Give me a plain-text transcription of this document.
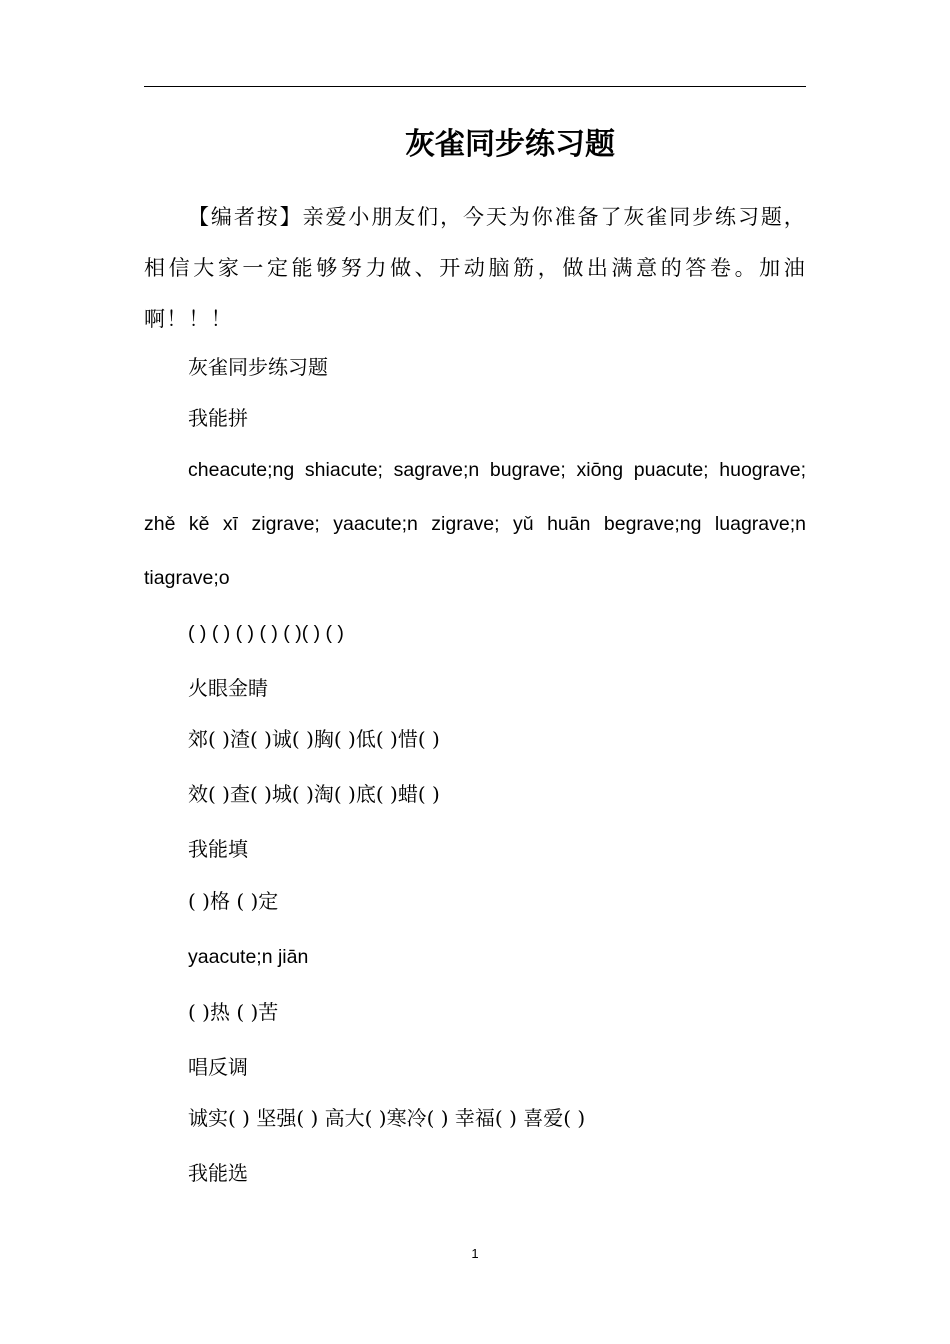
灰雀同步练习题
【编者按】亲爱小朋友们，今天为你准备了灰雀同步练习题，相信大家一定能够努力做、开动脑筋，做出满意的答卷。加油啊！！！
灰雀同步练习题
我能拼
cheacute;ng shiacute; sagrave;n bugrave; xiōng puacute; huograve;
zhě kě xī zigrave; yaacute;n zigrave; yǔ huān begrave;ng luagrave;n
tiagrave;o
( ) ( ) ( ) ( ) ( )( ) ( )
火眼金睛
郊( )渣( )诚( )胸( )低( )惜( )
效( )查( )城( )淘( )底( )蜡( )
我能填
( )格 ( )定
yaacute;n jiān
( )热 ( )苦
唱反调
诚实( ) 坚强( ) 高大( )寒冷( ) 幸福( ) 喜爱( )
我能选
1
